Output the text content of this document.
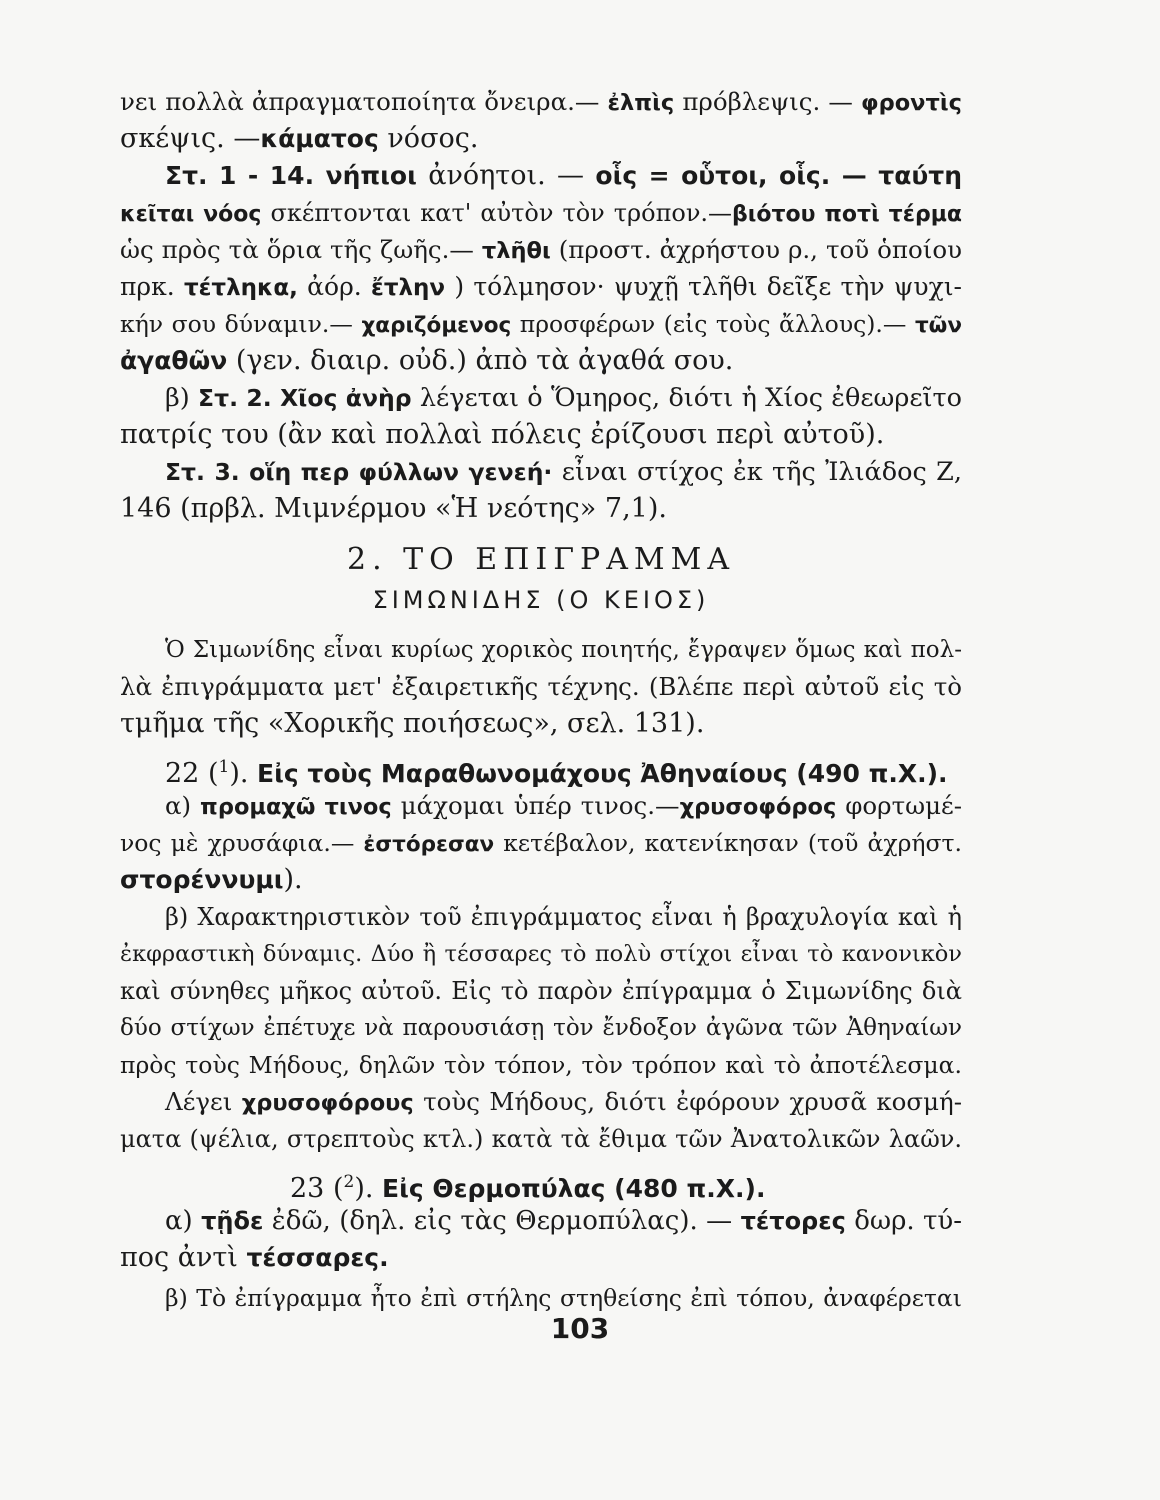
νει πολλὰ ἀπραγματοποίητα ὄνειρα.— ἐλπὶς πρόβλεψις. — φροντὶς
σκέψις. —κάματος νόσος.
Στ. 1 - 14. νήπιοι ἀνόητοι. — οἷς = οὗτοι, οἷς. — ταύτη
κεῖται νόος σκέπτονται κατ' αὐτὸν τὸν τρόπον.—βιότου ποτὶ τέρμα
ὡς πρὸς τὰ ὅρια τῆς ζωῆς.— τλῆθι (προστ. ἀχρήστου ρ., τοῦ ὁποίου
πρκ. τέτληκα, ἀόρ. ἔτλην ) τόλμησον· ψυχῇ τλῆθι δεῖξε τὴν ψυχι-
κήν σου δύναμιν.— χαριζόμενος προσφέρων (εἰς τοὺς ἄλλους).— τῶν
ἀγαθῶν (γεν. διαιρ. οὐδ.) ἀπὸ τὰ ἀγαθά σου.
β) Στ. 2. Χῖος ἀνὴρ λέγεται ὁ Ὅμηρος, διότι ἡ Χίος ἐθεωρεῖτο
πατρίς του (ἂν καὶ πολλαὶ πόλεις ἐρίζουσι περὶ αὐτοῦ).
Στ. 3. οἵη περ φύλλων γενεή· εἶναι στίχος ἐκ τῆς Ἰλιάδος Ζ,
146 (πρβλ. Μιμνέρμου «Ἡ νεότης» 7,1).
2. ΤΟ ΕΠΙΓΡΑΜΜΑ
ΣΙΜΩΝΙΔΗΣ (Ο ΚΕΙΟΣ)
Ὁ Σιμωνίδης εἶναι κυρίως χορικὸς ποιητής, ἔγραψεν ὅμως καὶ πολ-
λὰ ἐπιγράμματα μετ' ἐξαιρετικῆς τέχνης. (Βλέπε περὶ αὐτοῦ εἰς τὸ
τμῆμα τῆς «Χορικῆς ποιήσεως», σελ. 131).
22 ($^1$). Εἰς τοὺς Μαραθωνομάχους Ἀθηναίους (490 π.Χ.).
α) προμαχῶ τινος μάχομαι ὑπέρ τινος.—χρυσοφόρος φορτωμέ-
νος μὲ χρυσάφια.— ἐστόρεσαν κετέβαλον, κατενίκησαν (τοῦ ἀχρήστ.
στορέννυμι).
β) Χαρακτηριστικὸν τοῦ ἐπιγράμματος εἶναι ἡ βραχυλογία καὶ ἡ
ἐκφραστικὴ δύναμις. Δύο ἢ τέσσαρες τὸ πολὺ στίχοι εἶναι τὸ κανονικὸν
καὶ σύνηθες μῆκος αὐτοῦ. Εἰς τὸ παρὸν ἐπίγραμμα ὁ Σιμωνίδης διὰ
δύο στίχων ἐπέτυχε νὰ παρουσιάσῃ τὸν ἔνδοξον ἀγῶνα τῶν Ἀθηναίων
πρὸς τοὺς Μήδους, δηλῶν τὸν τόπον, τὸν τρόπον καὶ τὸ ἀποτέλεσμα.
Λέγει χρυσοφόρους τοὺς Μήδους, διότι ἐφόρουν χρυσᾶ κοσμή-
ματα (ψέλια, στρεπτοὺς κτλ.) κατὰ τὰ ἔθιμα τῶν Ἀνατολικῶν λαῶν.
23 ($^2$). Εἰς Θερμοπύλας (480 π.Χ.).
α) τῇδε ἐδῶ, (δηλ. εἰς τὰς Θερμοπύλας). — τέτορες δωρ. τύ-
πος ἀντὶ τέσσαρες.
β) Τὸ ἐπίγραμμα ἦτο ἐπὶ στήλης στηθείσης ἐπὶ τόπου, ἀναφέρεται
103
